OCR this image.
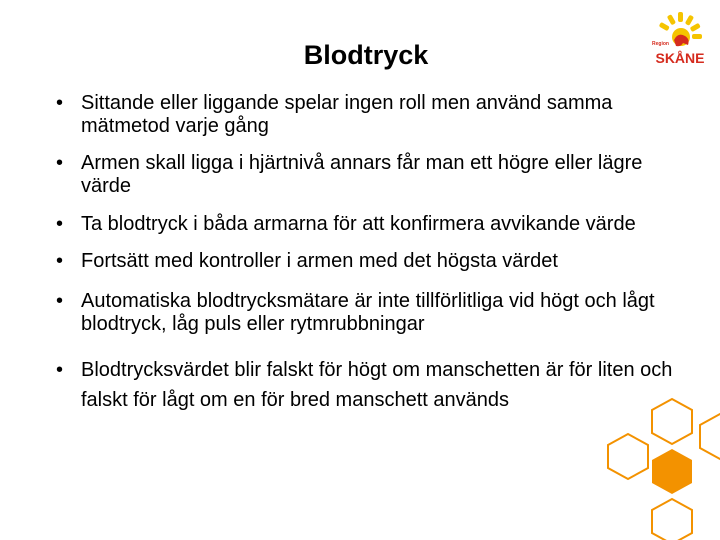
Blodtryck	Region
SKÅNE
• Sittande eller liggande spelar ingen roll men använd samma mätmetod varje gång
• Armen skall ligga i hjärtnivå annars får man ett högre eller lägre värde
• Ta blodtryck i båda armarna för att konfirmera avvikande värde
• Fortsätt med kontroller i armen med det högsta värdet
• Automatiska blodtrycksmätare är inte tillförlitliga vid högt och lågt blodtryck, låg puls eller rytmrubbningar
• Blodtrycksvärdet blir falskt för högt om manschetten är för liten och falskt för lågt om en för bred manschett används
